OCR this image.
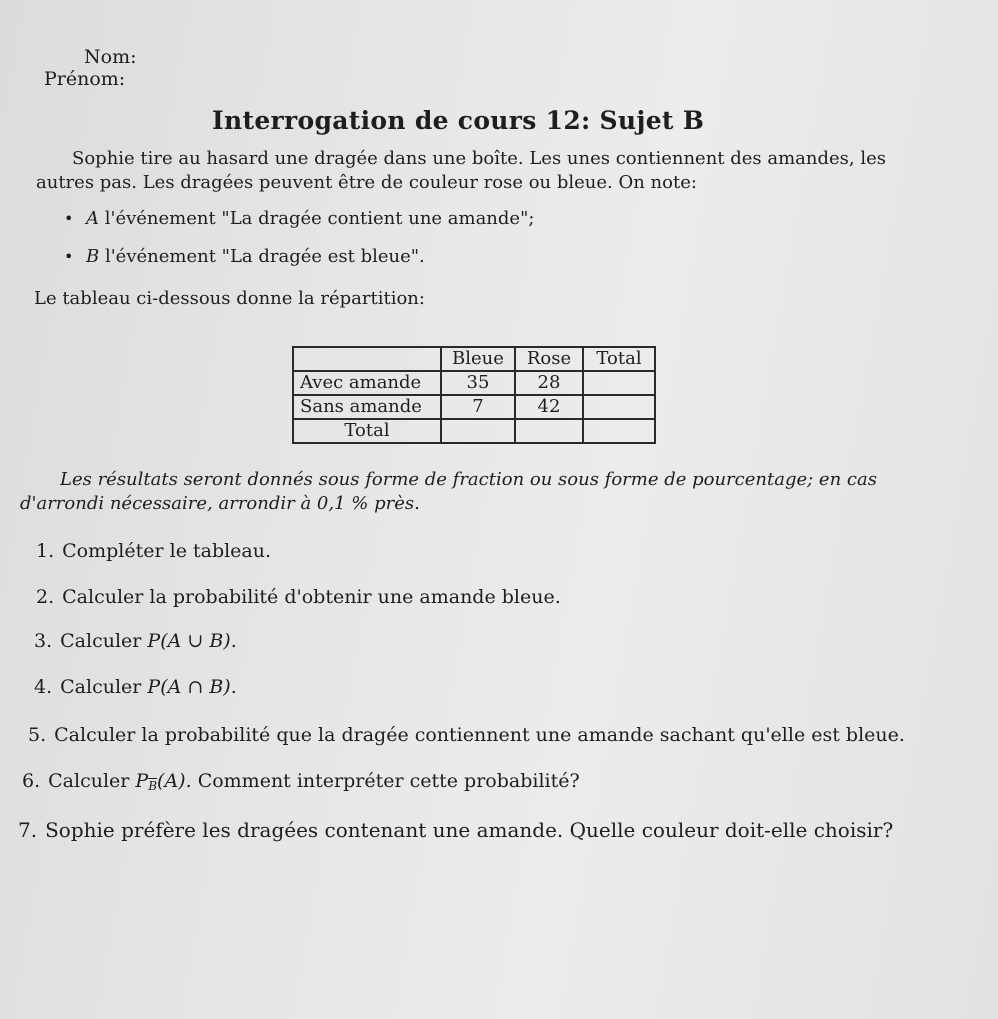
Nom:
Prénom:
Interrogation de cours 12: Sujet B
Sophie tire au hasard une dragée dans une boîte. Les unes contiennent des amandes, les
autres pas. Les dragées peuvent être de couleur rose ou bleue. On note:
• A l'événement "La dragée contient une amande";
• B l'événement "La dragée est bleue".
Le tableau ci-dessous donne la répartition:
	Bleue	Rose	Total
Avec amande	35	28	
Sans amande	7	42	
Total			
Les résultats seront donnés sous forme de fraction ou sous forme de pourcentage; en cas
d'arrondi nécessaire, arrondir à 0,1 % près.
1. Compléter le tableau.
2. Calculer la probabilité d'obtenir une amande bleue.
3. Calculer P(A ∪ B).
4. Calculer P(A ∩ B).
5. Calculer la probabilité que la dragée contiennent une amande sachant qu'elle est bleue.
6. Calculer $P\overline{B}(A)$. Comment interpréter cette probabilité?
7. Sophie préfère les dragées contenant une amande. Quelle couleur doit-elle choisir?
